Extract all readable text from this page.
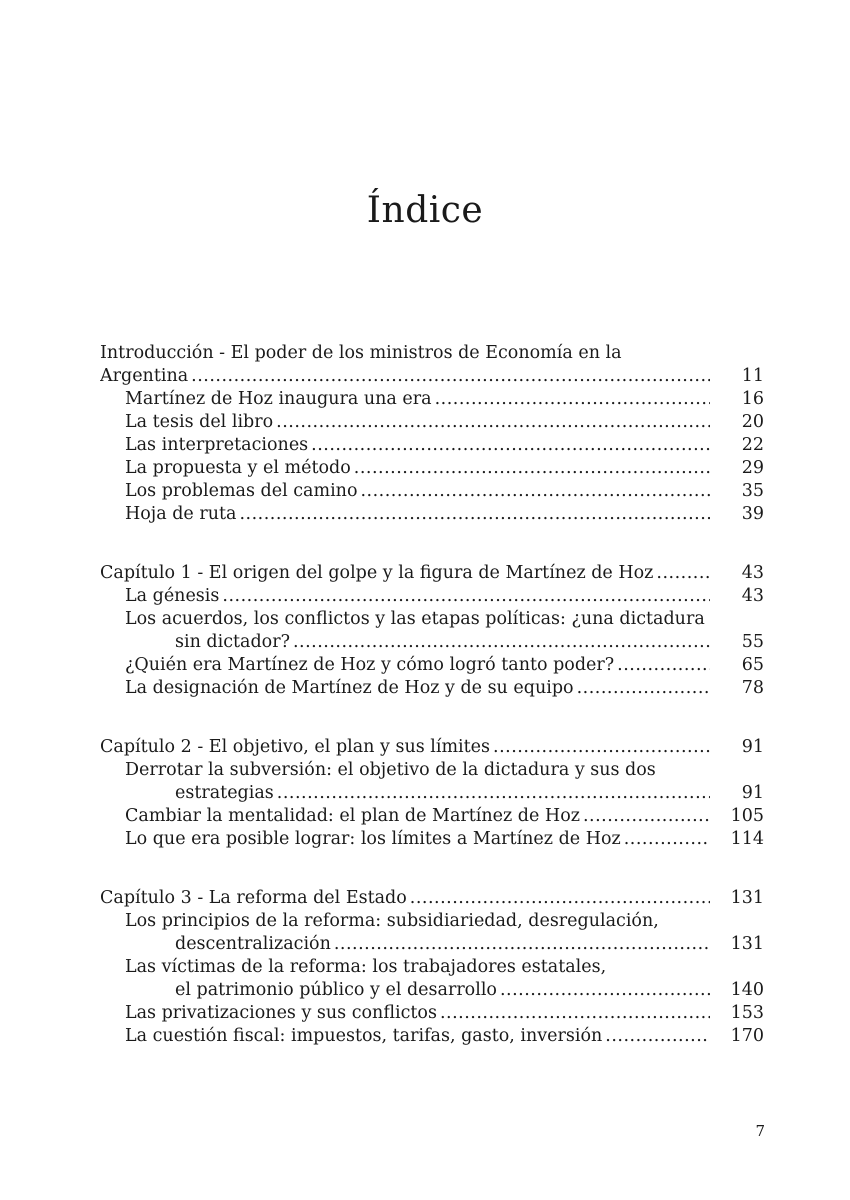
Índice
Introducción - El poder de los ministros de Economía en la
Argentina .....	11
Martínez de Hoz inaugura una era .....	16
La tesis del libro .....	20
Las interpretaciones .....	22
La propuesta y el método .....	29
Los problemas del camino .....	35
Hoja de ruta .....	39
Capítulo 1 - El origen del golpe y la figura de Martínez de Hoz .....	43
La génesis .....	43
Los acuerdos, los conflictos y las etapas políticas: ¿una dictadura
sin dictador? .....	55
¿Quién era Martínez de Hoz y cómo logró tanto poder? .....	65
La designación de Martínez de Hoz y de su equipo .....	78
Capítulo 2 - El objetivo, el plan y sus límites .....	91
Derrotar la subversión: el objetivo de la dictadura y sus dos
estrategias .....	91
Cambiar la mentalidad: el plan de Martínez de Hoz .....	105
Lo que era posible lograr: los límites a Martínez de Hoz .....	114
Capítulo 3 - La reforma del Estado .....	131
Los principios de la reforma: subsidiariedad, desregulación,
descentralización .....	131
Las víctimas de la reforma: los trabajadores estatales,
el patrimonio público y el desarrollo .....	140
Las privatizaciones y sus conflictos .....	153
La cuestión fiscal: impuestos, tarifas, gasto, inversión .....	170
7
